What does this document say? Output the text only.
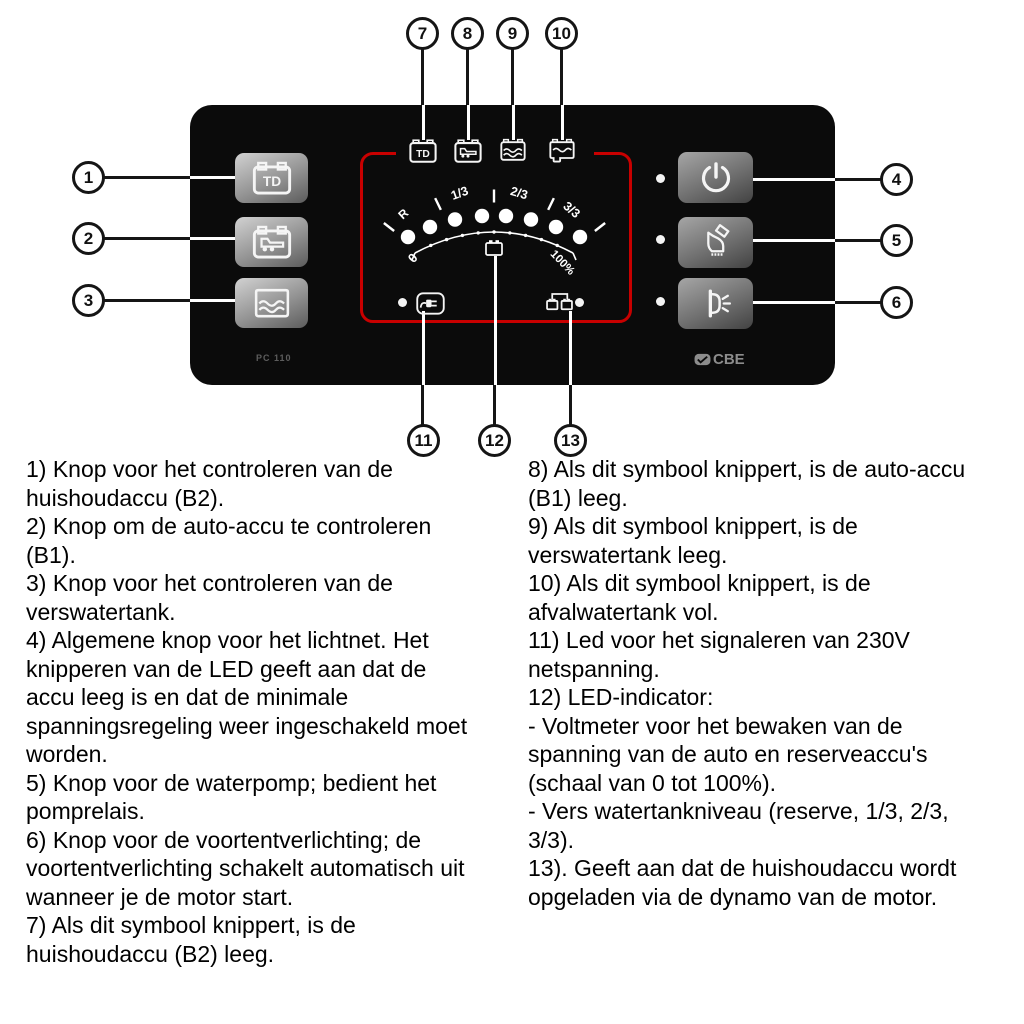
TD
TD
R
1/3	2/3
3/3
0	100%
PC 110	CBE
1
2
3
4
5
6
7 8 9 10
11	12	13
1) Knop voor het controleren van de
huishoudaccu (B2).
2) Knop om de auto-accu te controleren
(B1).
3) Knop voor het controleren van de
verswatertank.
4) Algemene knop voor het lichtnet. Het
knipperen van de LED geeft aan dat de
accu leeg is en dat de minimale
spanningsregeling weer ingeschakeld moet
worden.
5) Knop voor de waterpomp; bedient het
pomprelais.
6) Knop voor de voortentverlichting; de
voortentverlichting schakelt automatisch uit
wanneer je de motor start.
7) Als dit symbool knippert, is de
huishoudaccu (B2) leeg.
8) Als dit symbool knippert, is de auto-accu
(B1) leeg.
9) Als dit symbool knippert, is de
verswatertank leeg.
10) Als dit symbool knippert, is de
afvalwatertank vol.
11) Led voor het signaleren van 230V
netspanning.
12) LED-indicator:
- Voltmeter voor het bewaken van de
spanning van de auto en reserveaccu's
(schaal van 0 tot 100%).
- Vers watertankniveau (reserve, 1/3, 2/3,
3/3).
13). Geeft aan dat de huishoudaccu wordt
opgeladen via de dynamo van de motor.
